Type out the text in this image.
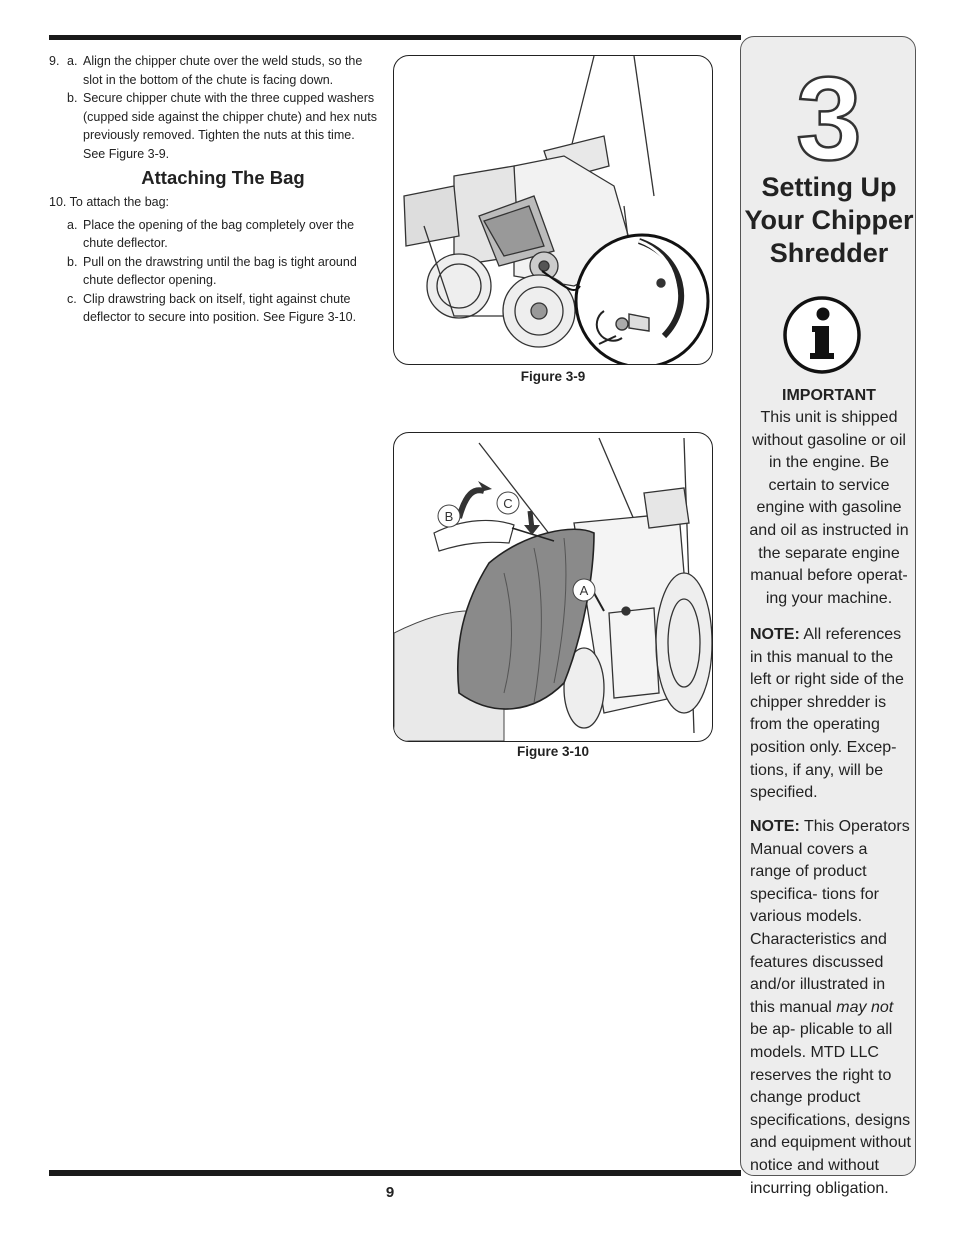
9. a. Align the chipper chute over the weld studs, so the slot in the bottom of the chute is facing down.
b. Secure chipper chute with the three cupped washers (cupped side against the chipper chute) and hex nuts previously removed. Tighten the nuts at this time. See Figure 3-9.
Attaching The Bag
10. To attach the bag:
a. Place the opening of the bag completely over the chute deflector.
b. Pull on the drawstring until the bag is tight around chute deflector opening.
c. Clip drawstring back on itself, tight against chute deflector to secure into position. See Figure 3-10.
Figure 3-9
B
C
A
Figure 3-10
3
Setting Up
Your Chipper
Shredder
IMPORTANT
This unit is shipped without gasoline or oil in the engine. Be certain to service engine with gasoline and oil as instructed in the separate engine manual before operat- ing your machine.
NOTE: All references in this manual to the left or right side of the chipper shredder is from the operating position only. Excep- tions, if any, will be specified.
NOTE: This Operators Manual covers a range of product specifica- tions for various models. Characteristics and features discussed and/or illustrated in this manual may not be ap- plicable to all models. MTD LLC reserves the right to change product specifications, designs and equipment without notice and without incurring obligation.
9
